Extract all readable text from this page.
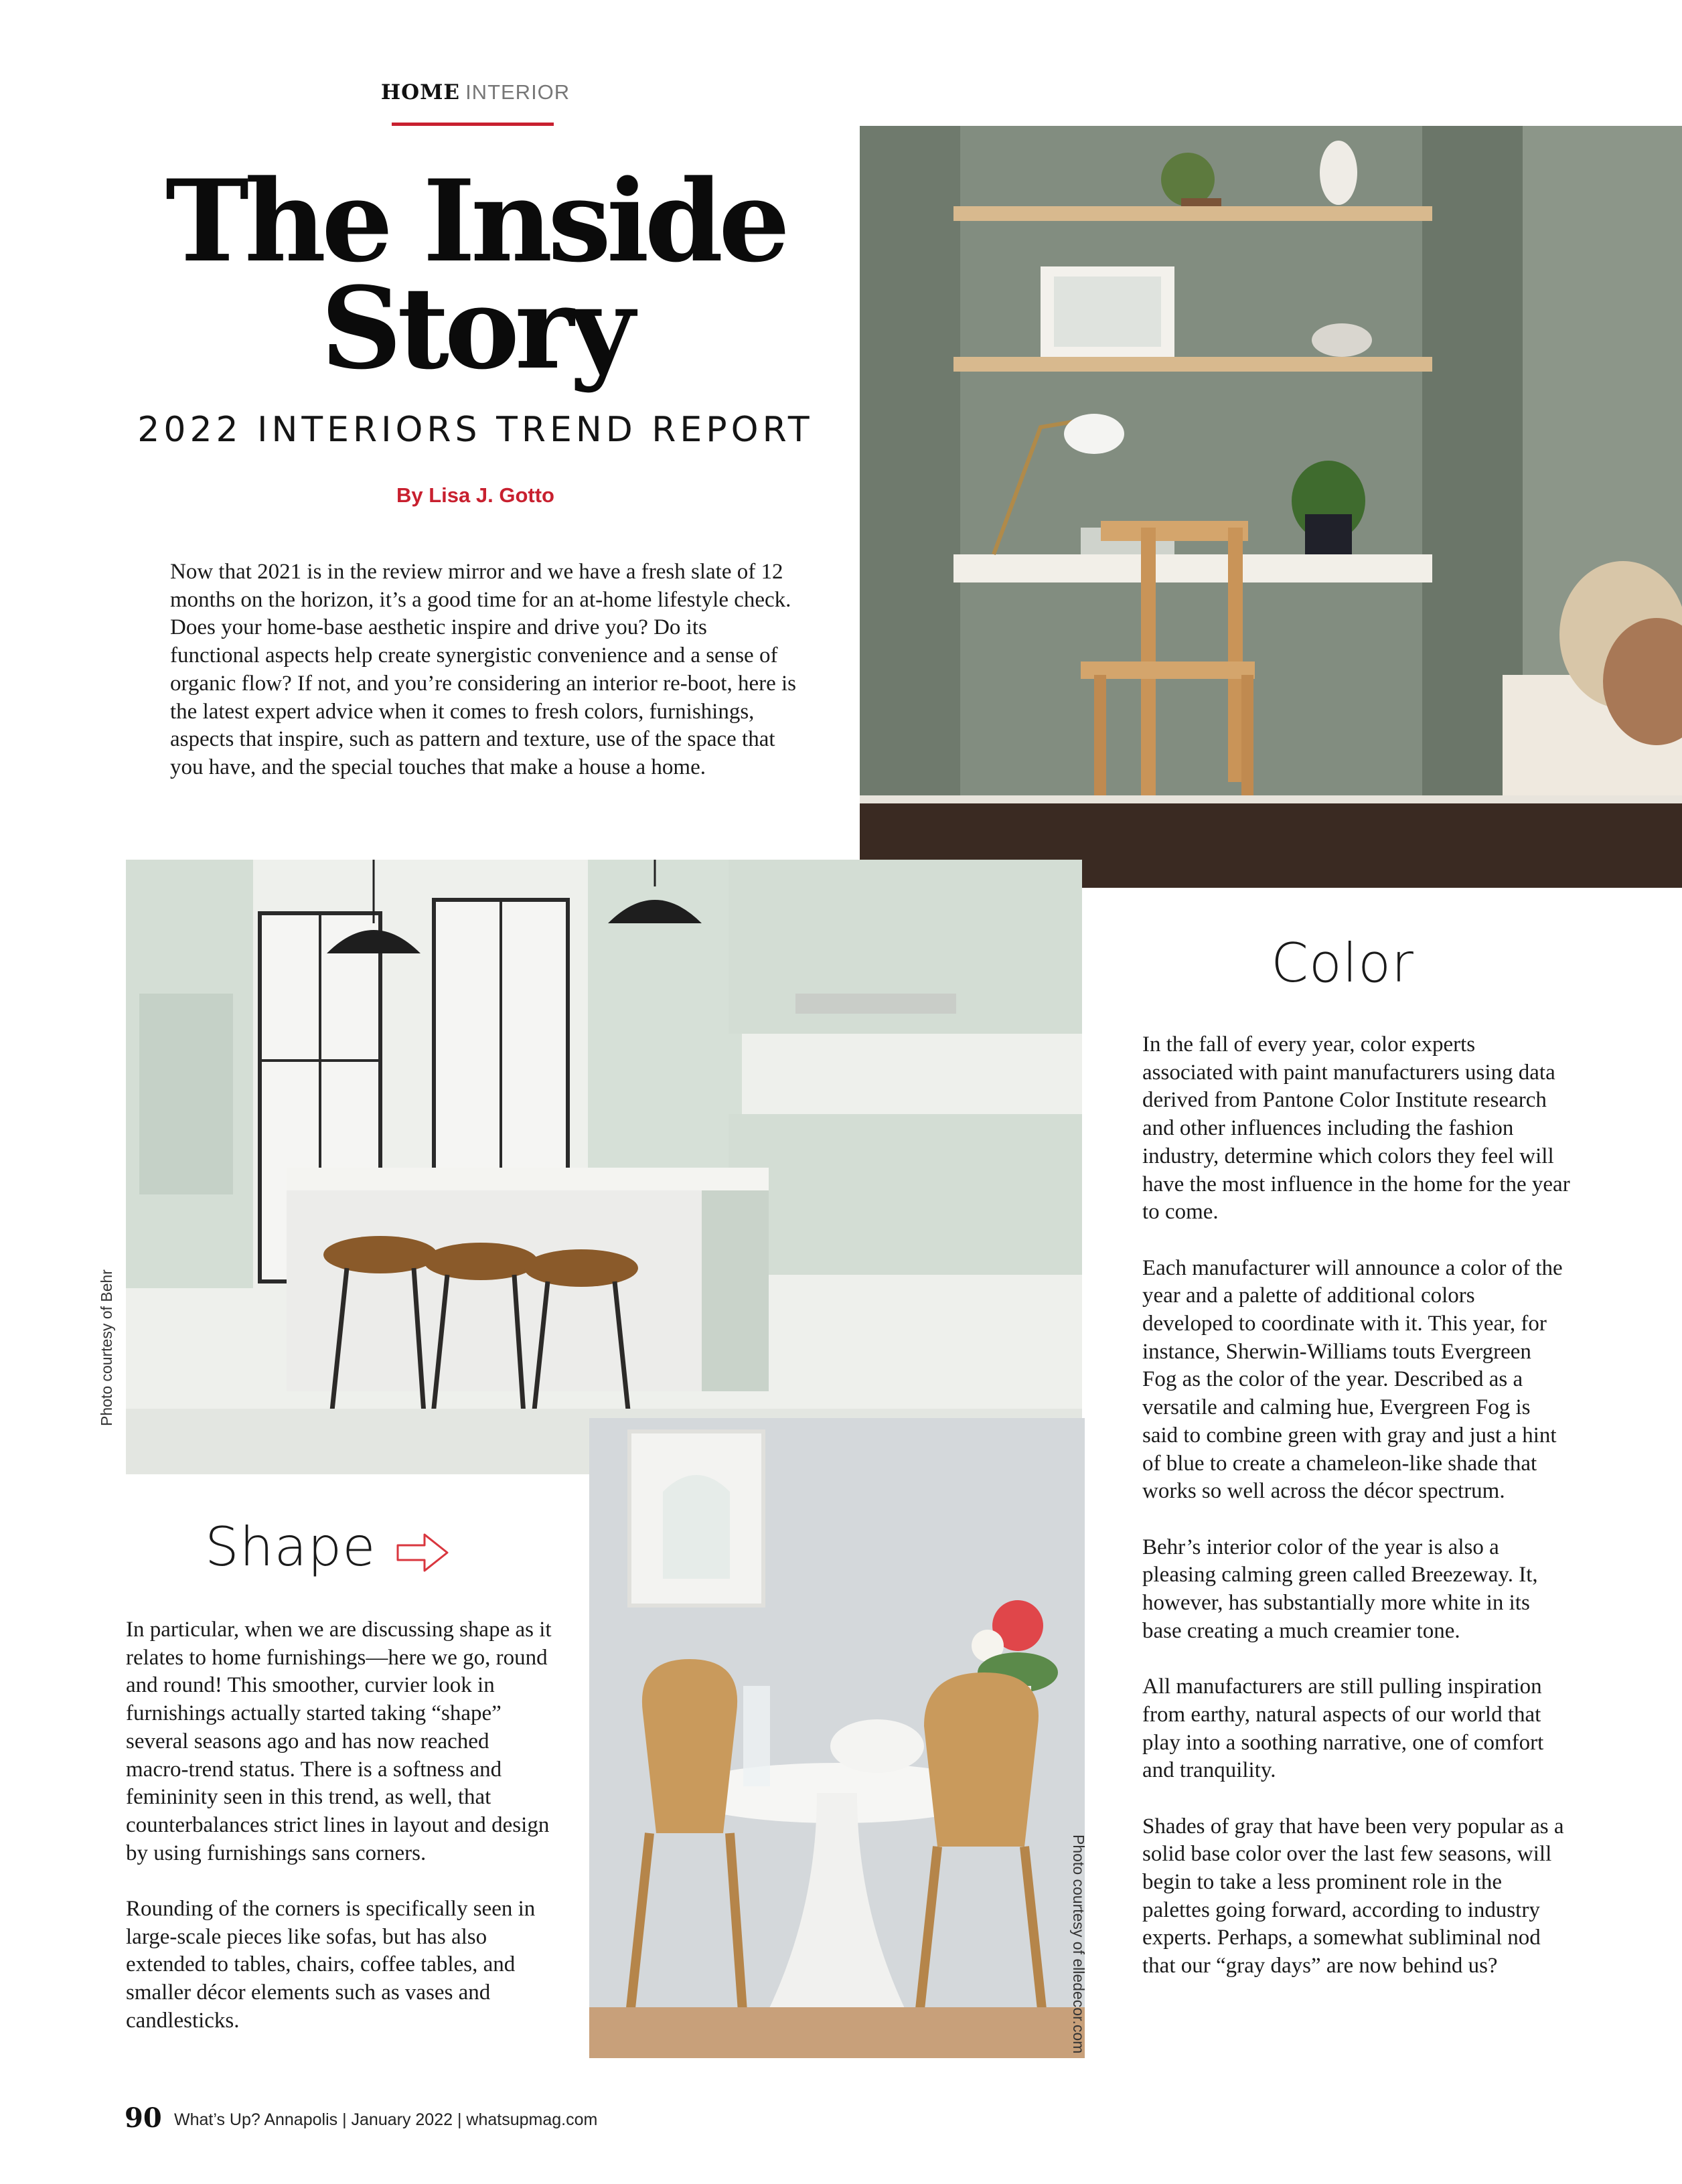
HOME INTERIOR
The Inside
Story
2022 INTERIORS TREND REPORT
By Lisa J. Gotto

Now that 2021 is in the review mirror and we have a fresh slate of 12 months on the horizon, it’s a good time for an at-home lifestyle check. Does your home-base aesthetic inspire and drive you? Do its functional aspects help create synergistic convenience and a sense of organic flow? If not, and you’re considering an interior re-boot, here is the latest expert advice when it comes to fresh colors, furnishings, aspects that inspire, such as pattern and texture, use of the space that you have, and the special touches that make a house a home.

Color

In the fall of every year, color experts associated with paint manufacturers using data derived from Pantone Color Institute research and other influences including the fashion industry, determine which colors they feel will have the most influence in the home for the year to come.

Each manufacturer will announce a color of the year and a palette of additional colors developed to coordinate with it. This year, for instance, Sherwin-Williams touts Evergreen Fog as the color of the year. Described as a versatile and calming hue, Evergreen Fog is said to combine green with gray and just a hint of blue to create a chameleon-like shade that works so well across the décor spectrum.

Behr’s interior color of the year is also a pleasing calming green called Breezeway. It, however, has substantially more white in its base creating a much creamier tone.

All manufacturers are still pulling inspiration from earthy, natural aspects of our world that play into a soothing narrative, one of comfort and tranquility.

Shades of gray that have been very popular as a solid base color over the last few seasons, will begin to take a less prominent role in the palettes going forward, according to industry experts. Perhaps, a somewhat subliminal nod that our “gray days” are now behind us?

Shape

In particular, when we are discussing shape as it relates to home furnishings—here we go, round and round! This smoother, curvier look in furnishings actually started taking “shape” several seasons ago and has now reached macro-trend status. There is a softness and femininity seen in this trend, as well, that counterbalances strict lines in layout and design by using furnishings sans corners.

Rounding of the corners is specifically seen in large-scale pieces like sofas, but has also extended to tables, chairs, coffee tables, and smaller décor elements such as vases and candlesticks.

Photo courtesy of Behr
Photo courtesy of elledecor.com
90 What’s Up? Annapolis | January 2022 | whatsupmag.com
